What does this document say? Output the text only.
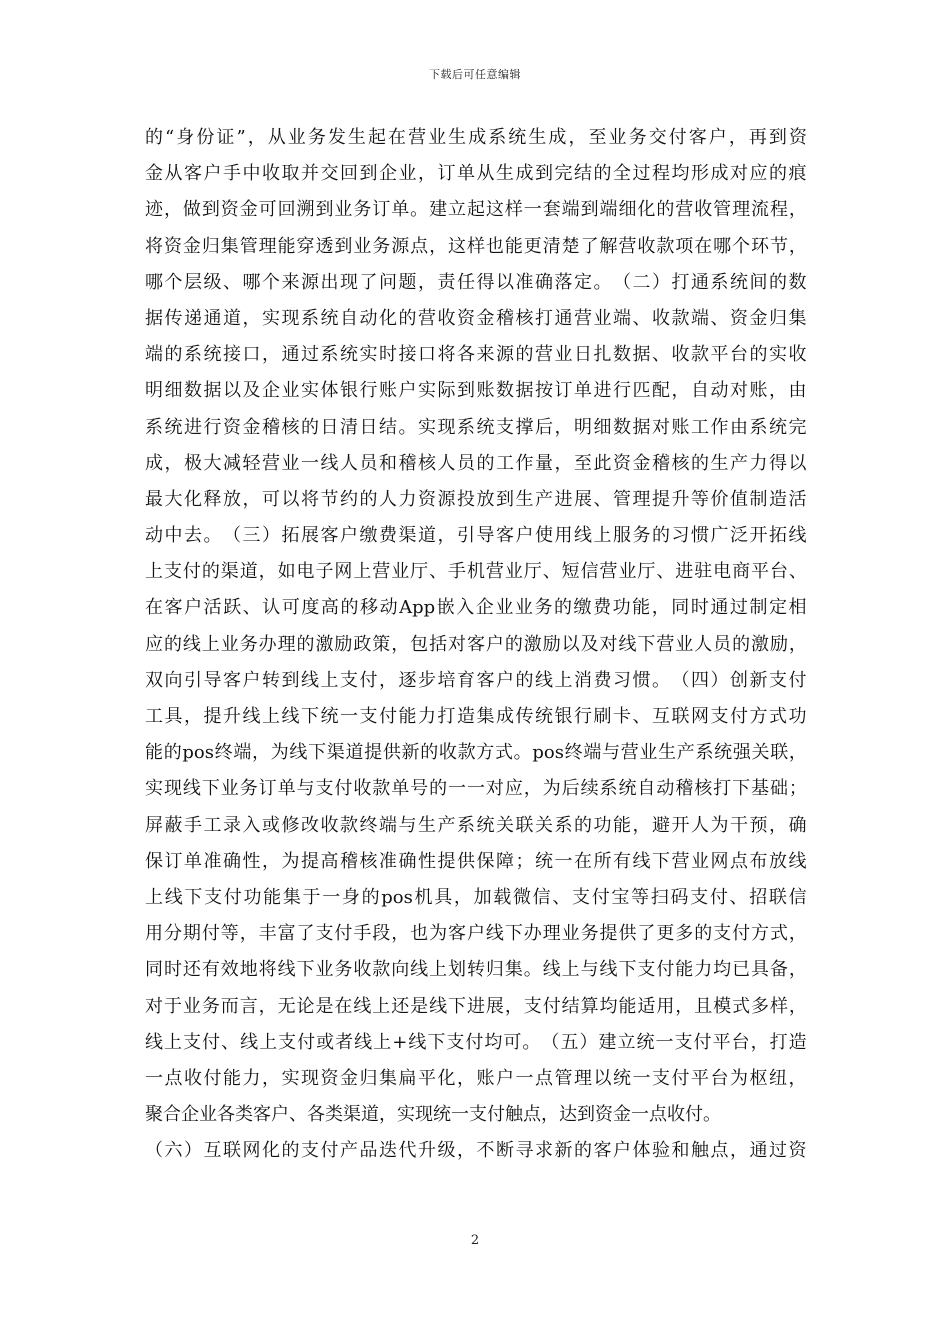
下载后可任意编辑
的 “ 身 份 证 ” ， 从 业 务 发 生 起 在 营 业 生 成 系 统 生 成 ， 至 业 务 交 付 客 户 ， 再 到 资
金 从 客 户 手 中 收 取 并 交 回 到 企 业 ， 订 单 从 生 成 到 完 结 的 全 过 程 均 形 成 对 应 的 痕
迹 ， 做 到 资 金 可 回 溯 到 业 务 订 单 。 建 立 起 这 样 一 套 端 到 端 细 化 的 营 收 管 理 流 程 ，
将 资 金 归 集 管 理 能 穿 透 到 业 务 源 点 ， 这 样 也 能 更 清 楚 了 解 营 收 款 项 在 哪 个 环 节 ，
哪 个 层 级 、 哪 个 来 源 出 现 了 问 题 ， 责 任 得 以 准 确 落 定 。 （ 二 ） 打 通 系 统 间 的 数
据 传 递 通 道 ， 实 现 系 统 自 动 化 的 营 收 资 金 稽 核 打 通 营 业 端 、 收 款 端 、 资 金 归 集
端 的 系 统 接 口 ， 通 过 系 统 实 时 接 口 将 各 来 源 的 营 业 日 扎 数 据 、 收 款 平 台 的 实 收
明 细 数 据 以 及 企 业 实 体 银 行 账 户 实 际 到 账 数 据 按 订 单 进 行 匹 配 ， 自 动 对 账 ， 由
系 统 进 行 资 金 稽 核 的 日 清 日 结 。 实 现 系 统 支 撑 后 ， 明 细 数 据 对 账 工 作 由 系 统 完
成 ， 极 大 减 轻 营 业 一 线 人 员 和 稽 核 人 员 的 工 作 量 ， 至 此 资 金 稽 核 的 生 产 力 得 以
最 大 化 释 放 ， 可 以 将 节 约 的 人 力 资 源 投 放 到 生 产 进 展 、 管 理 提 升 等 价 值 制 造 活
动 中 去 。 （ 三 ） 拓 展 客 户 缴 费 渠 道 ， 引 导 客 户 使 用 线 上 服 务 的 习 惯 广 泛 开 拓 线
上 支 付 的 渠 道 ， 如 电 子 网 上 营 业 厅 、 手 机 营 业 厅 、 短 信 营 业 厅 、 进 驻 电 商 平 台 、
在 客 户 活 跃 、 认 可 度 高 的 移 动 App 嵌 入 企 业 业 务 的 缴 费 功 能 ， 同 时 通 过 制 定 相
应 的 线 上 业 务 办 理 的 激 励 政 策 ， 包 括 对 客 户 的 激 励 以 及 对 线 下 营 业 人 员 的 激 励 ，
双 向 引 导 客 户 转 到 线 上 支 付 ， 逐 步 培 育 客 户 的 线 上 消 费 习 惯 。 （ 四 ） 创 新 支 付
工 具 ， 提 升 线 上 线 下 统 一 支 付 能 力 打 造 集 成 传 统 银 行 刷 卡 、 互 联 网 支 付 方 式 功
能 的 pos 终 端 ， 为 线 下 渠 道 提 供 新 的 收 款 方 式 。 pos 终 端 与 营 业 生 产 系 统 强 关 联 ，
实 现 线 下 业 务 订 单 与 支 付 收 款 单 号 的 一 一 对 应 ， 为 后 续 系 统 自 动 稽 核 打 下 基 础 ；
屏 蔽 手 工 录 入 或 修 改 收 款 终 端 与 生 产 系 统 关 联 关 系 的 功 能 ， 避 开 人 为 干 预 ， 确
保 订 单 准 确 性 ， 为 提 高 稽 核 准 确 性 提 供 保 障 ； 统 一 在 所 有 线 下 营 业 网 点 布 放 线
上 线 下 支 付 功 能 集 于 一 身 的 pos 机 具 ， 加 载 微 信 、 支 付 宝 等 扫 码 支 付 、 招 联 信
用 分 期 付 等 ， 丰 富 了 支 付 手 段 ， 也 为 客 户 线 下 办 理 业 务 提 供 了 更 多 的 支 付 方 式 ，
同 时 还 有 效 地 将 线 下 业 务 收 款 向 线 上 划 转 归 集 。 线 上 与 线 下 支 付 能 力 均 已 具 备 ，
对 于 业 务 而 言 ， 无 论 是 在 线 上 还 是 线 下 进 展 ， 支 付 结 算 均 能 适 用 ， 且 模 式 多 样 ，
线 上 支 付 、 线 上 支 付 或 者 线 上 + 线 下 支 付 均 可 。 （ 五 ） 建 立 统 一 支 付 平 台 ， 打 造
一 点 收 付 能 力 ， 实 现 资 金 归 集 扁 平 化 ， 账 户 一 点 管 理 以 统 一 支 付 平 台 为 枢 纽 ，
聚合企业各类客户、各类渠道，实现统一支付触点，达到资金一点收付。
（ 六 ） 互 联 网 化 的 支 付 产 品 迭 代 升 级 ， 不 断 寻 求 新 的 客 户 体 验 和 触 点 ， 通 过 资
2
